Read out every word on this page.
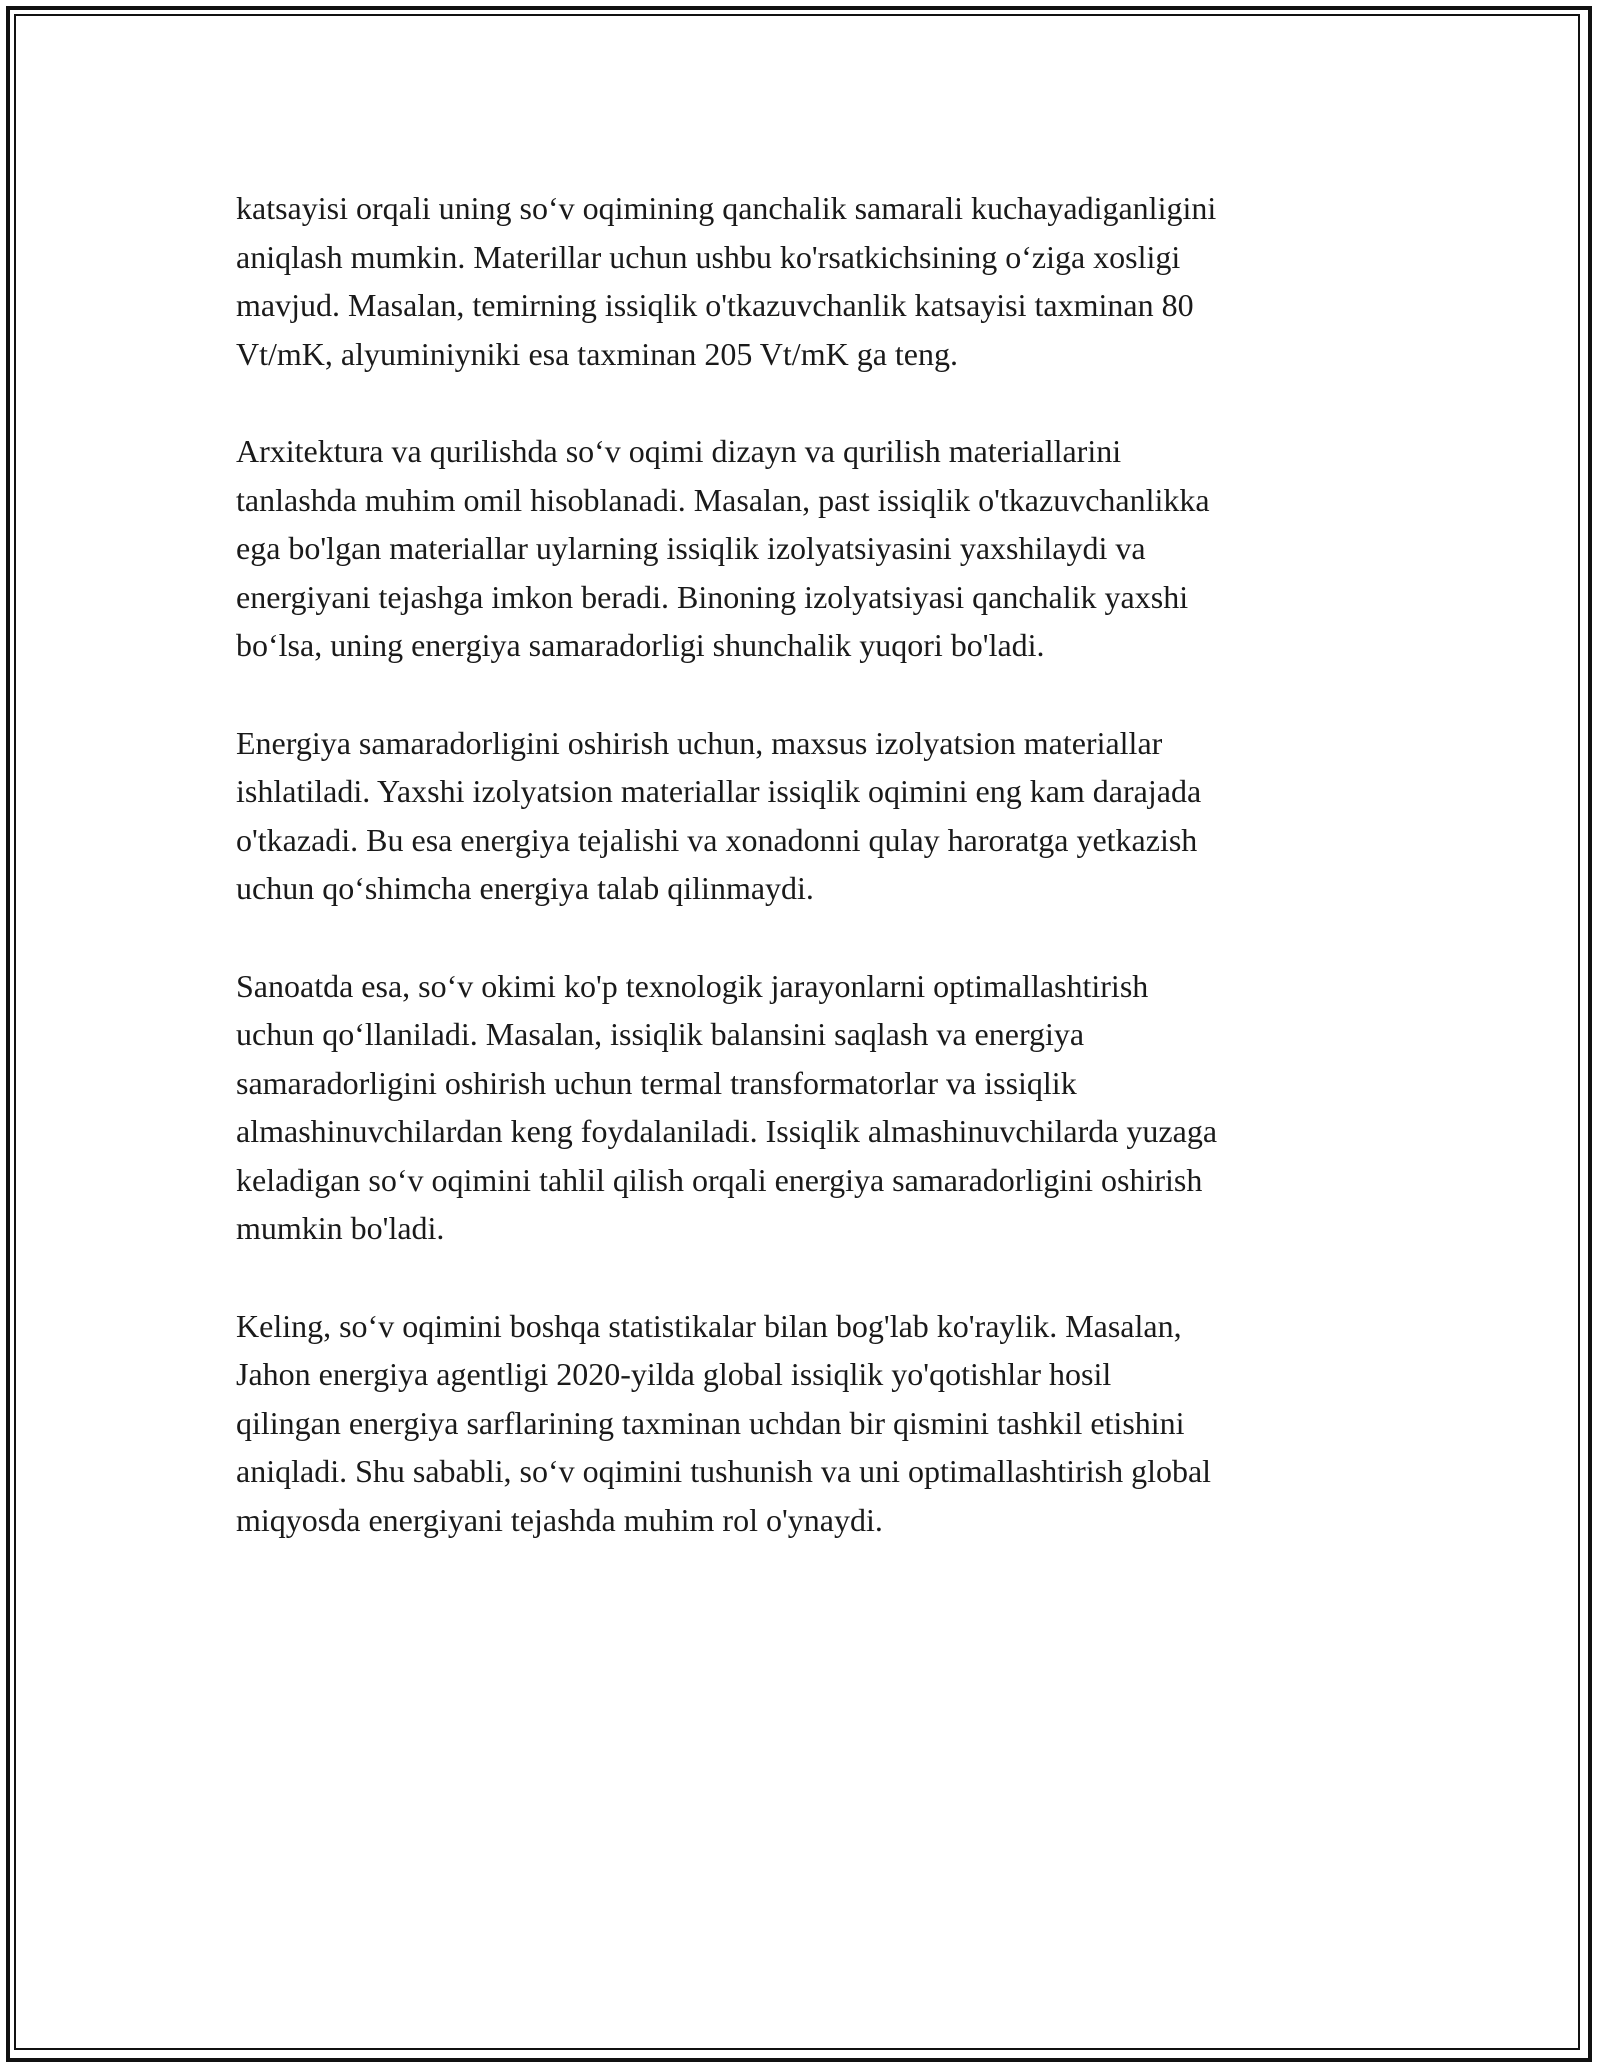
katsayisi orqali uning so‘v oqimining qanchalik samarali kuchayadiganligini
aniqlash mumkin. Materillar uchun ushbu ko'rsatkichsining o‘ziga xosligi
mavjud. Masalan, temirning issiqlik o'tkazuvchanlik katsayisi taxminan 80
Vt/mK, alyuminiyniki esa taxminan 205 Vt/mK ga teng.

Arxitektura va qurilishda so‘v oqimi dizayn va qurilish materiallarini
tanlashda muhim omil hisoblanadi. Masalan, past issiqlik o'tkazuvchanlikka
ega bo'lgan materiallar uylarning issiqlik izolyatsiyasini yaxshilaydi va
energiyani tejashga imkon beradi. Binoning izolyatsiyasi qanchalik yaxshi
bo‘lsa, uning energiya samaradorligi shunchalik yuqori bo'ladi.

Energiya samaradorligini oshirish uchun, maxsus izolyatsion materiallar
ishlatiladi. Yaxshi izolyatsion materiallar issiqlik oqimini eng kam darajada
o'tkazadi. Bu esa energiya tejalishi va xonadonni qulay haroratga yetkazish
uchun qo‘shimcha energiya talab qilinmaydi.

Sanoatda esa, so‘v okimi ko'p texnologik jarayonlarni optimallashtirish
uchun qo‘llaniladi. Masalan, issiqlik balansini saqlash va energiya
samaradorligini oshirish uchun termal transformatorlar va issiqlik
almashinuvchilardan keng foydalaniladi. Issiqlik almashinuvchilarda yuzaga
keladigan so‘v oqimini tahlil qilish orqali energiya samaradorligini oshirish
mumkin bo'ladi.

Keling, so‘v oqimini boshqa statistikalar bilan bog'lab ko'raylik. Masalan,
Jahon energiya agentligi 2020-yilda global issiqlik yo'qotishlar hosil
qilingan energiya sarflarining taxminan uchdan bir qismini tashkil etishini
aniqladi. Shu sababli, so‘v oqimini tushunish va uni optimallashtirish global
miqyosda energiyani tejashda muhim rol o'ynaydi.
